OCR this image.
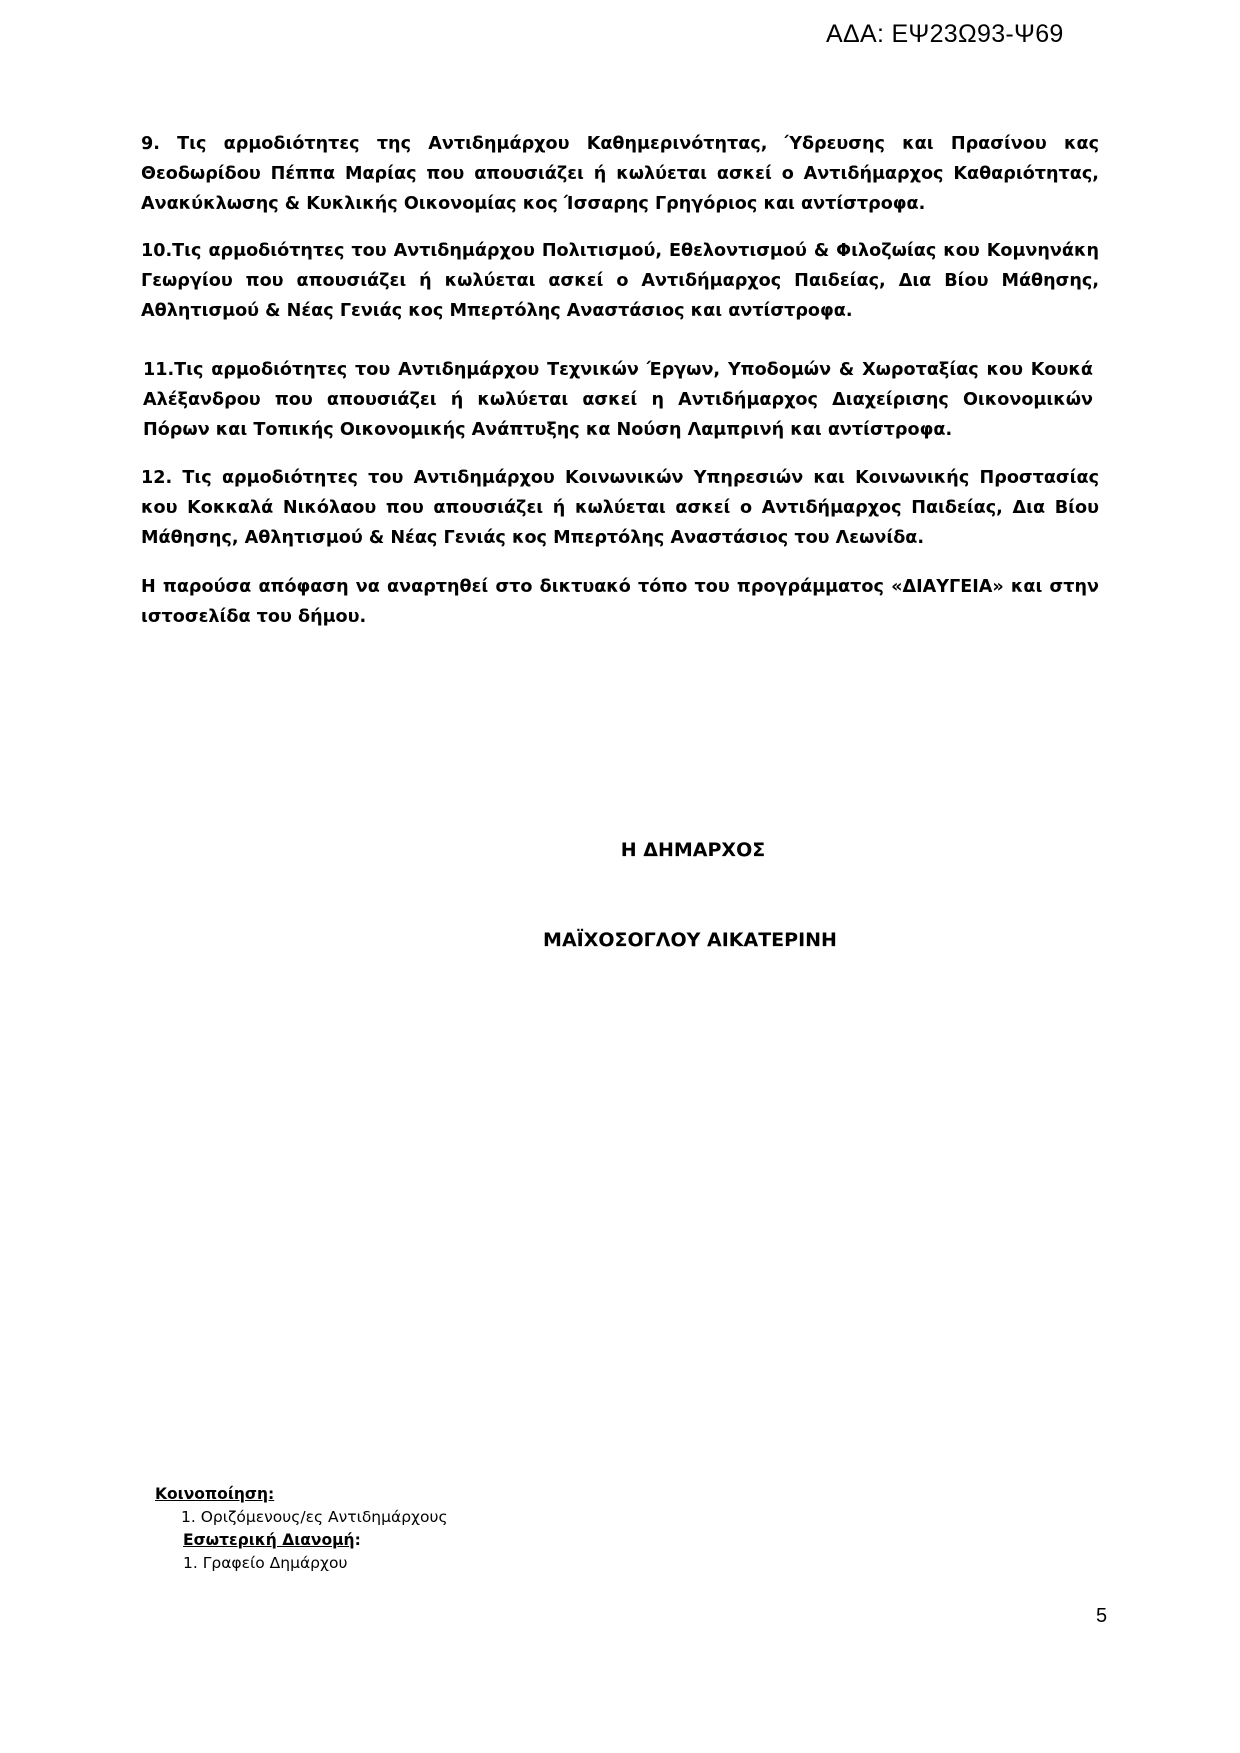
ΑΔΑ: ΕΨ23Ω93-Ψ69

9. Τις αρμοδιότητες της Αντιδημάρχου Καθημερινότητας, Ύδρευσης και Πρασίνου κας Θεοδωρίδου Πέππα Μαρίας που απουσιάζει ή κωλύεται ασκεί ο Αντιδήμαρχος Καθαριότητας, Ανακύκλωσης & Κυκλικής Οικονομίας κος Ίσσαρης Γρηγόριος και αντίστροφα.

10.Τις αρμοδιότητες του Αντιδημάρχου Πολιτισμού, Εθελοντισμού & Φιλοζωίας κου Κομνηνάκη Γεωργίου που απουσιάζει ή κωλύεται ασκεί ο Αντιδήμαρχος Παιδείας, Δια Βίου Μάθησης, Αθλητισμού & Νέας Γενιάς κος Μπερτόλης Αναστάσιος και αντίστροφα.

11.Τις αρμοδιότητες του Αντιδημάρχου Τεχνικών Έργων, Υποδομών & Χωροταξίας κου Κουκά Αλέξανδρου που απουσιάζει ή κωλύεται ασκεί η Αντιδήμαρχος Διαχείρισης Οικονομικών Πόρων και Τοπικής Οικονομικής Ανάπτυξης κα Νούση Λαμπρινή και αντίστροφα.

12. Τις αρμοδιότητες του Αντιδημάρχου Κοινωνικών Υπηρεσιών και Κοινωνικής Προστασίας κου Κοκκαλά Νικόλαου που απουσιάζει ή κωλύεται ασκεί ο Αντιδήμαρχος Παιδείας, Δια Βίου Μάθησης, Αθλητισμού & Νέας Γενιάς κος Μπερτόλης Αναστάσιος του Λεωνίδα.

Η παρούσα απόφαση να αναρτηθεί στο δικτυακό τόπο του προγράμματος «ΔΙΑΥΓΕΙΑ» και στην ιστοσελίδα του δήμου.

Η ΔΗΜΑΡΧΟΣ

ΜΑΪΧΟΣΟΓΛΟΥ ΑΙΚΑΤΕΡΙΝΗ

Κοινοποίηση:
1. Οριζόμενους/ες Αντιδημάρχους
Εσωτερική Διανομή:
1. Γραφείο Δημάρχου
5
